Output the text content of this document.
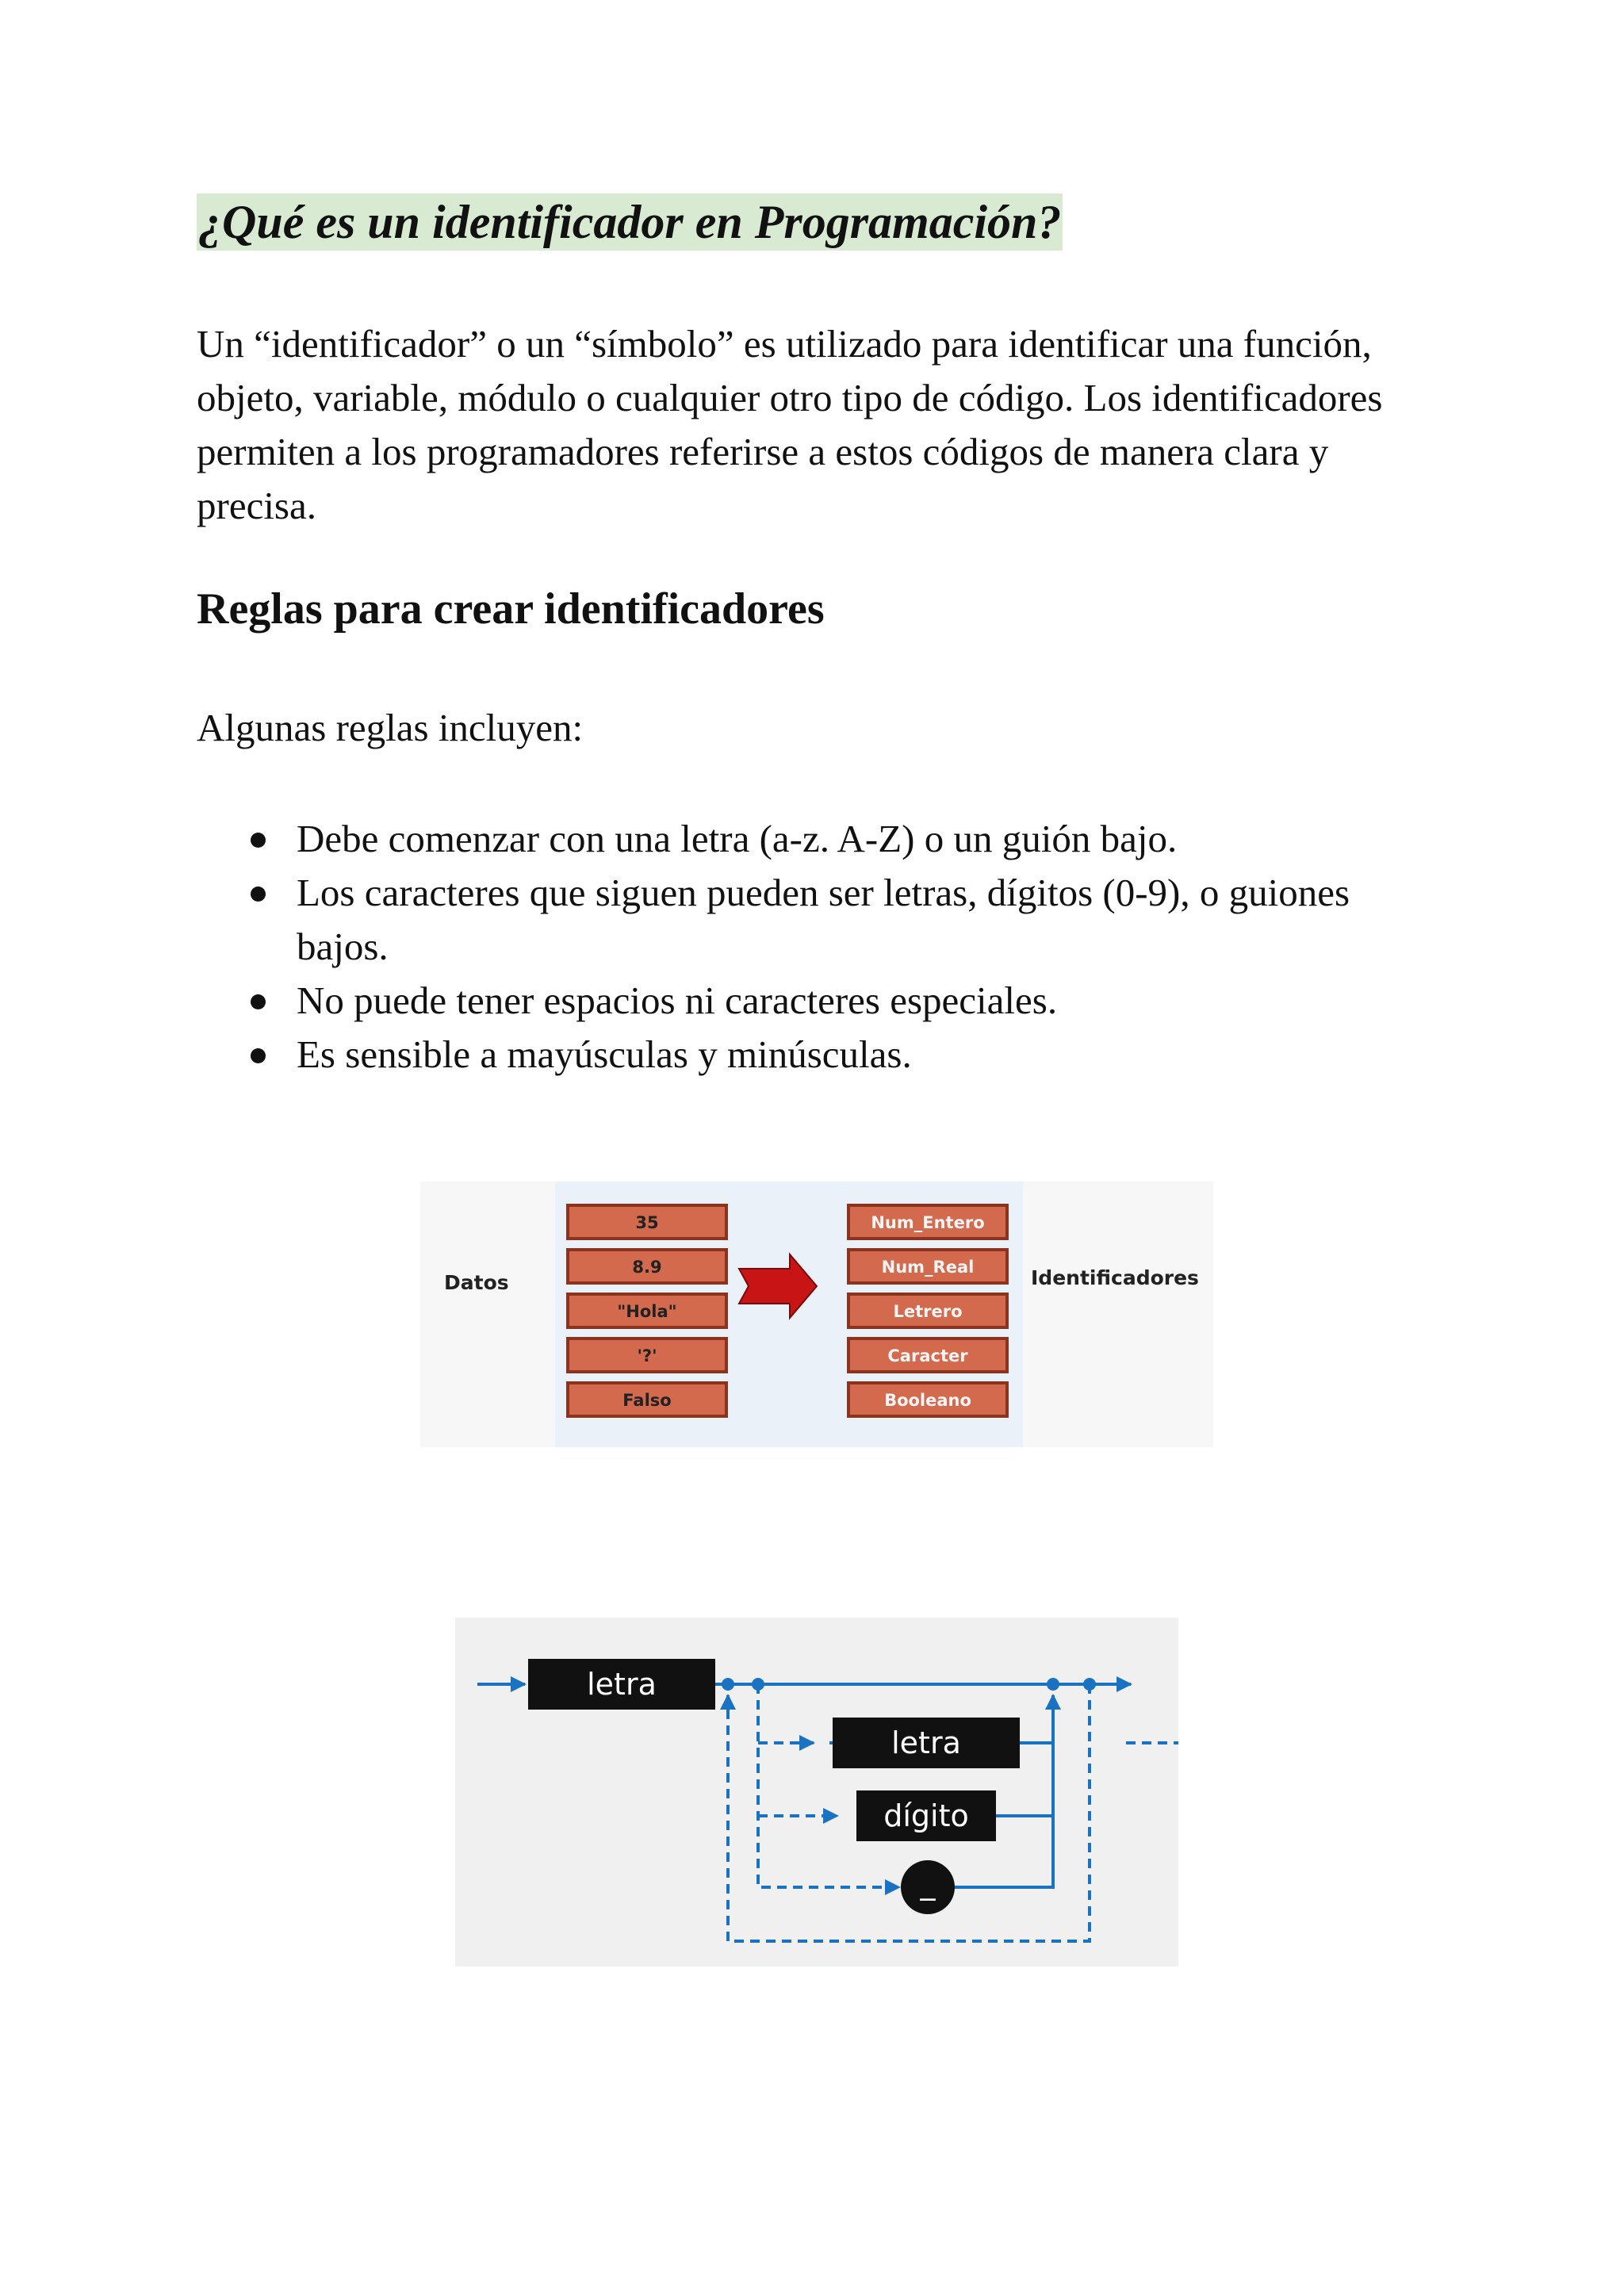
¿Qué es un identificador en Programación?

Un “identificador” o un “símbolo” es utilizado para identificar una función, objeto, variable, módulo o cualquier otro tipo de código. Los identificadores permiten a los programadores referirse a estos códigos de manera clara y precisa.

Reglas para crear identificadores

Algunas reglas incluyen:

Debe comenzar con una letra (a-z. A-Z) o un guión bajo.
Los caracteres que siguen pueden ser letras, dígitos (0-9), o guiones bajos.
No puede tener espacios ni caracteres especiales.
Es sensible a mayúsculas y minúsculas.
Datos	Identificadores
35
8.9
"Hola"
'?'
Falso
Num_Entero
Num_Real
Letrero
Caracter
Booleano
letra
letra
dígito
_
